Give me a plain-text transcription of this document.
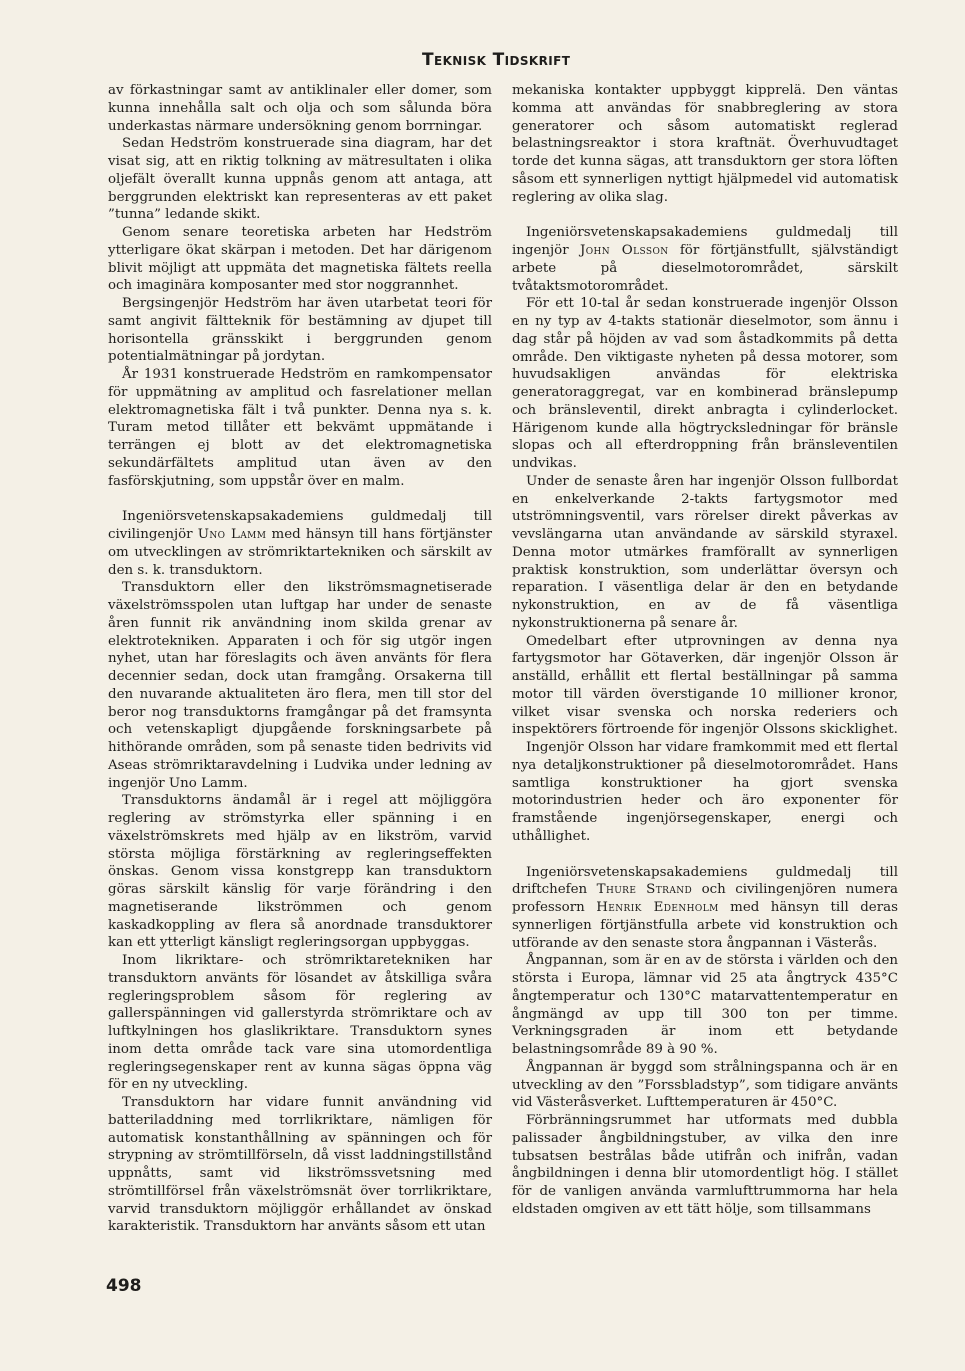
Teknisk Tidskrift

av förkastningar samt av antiklinaler eller domer, som kunna innehålla salt och olja och som sålunda böra underkastas närmare undersökning genom borrningar.

Sedan Hedström konstruerade sina diagram, har det visat sig, att en riktig tolkning av mätresultaten i olika oljefält överallt kunna uppnås genom att antaga, att berggrunden elektriskt kan representeras av ett paket ”tunna” ledande skikt.

Genom senare teoretiska arbeten har Hedström ytterligare ökat skärpan i metoden. Det har därigenom blivit möjligt att uppmäta det magnetiska fältets reella och imaginära komposanter med stor noggrannhet.

Bergsingenjör Hedström har även utarbetat teori för samt angivit fältteknik för bestämning av djupet till horisontella gränsskikt i berggrunden genom potentialmätningar på jordytan.

År 1931 konstruerade Hedström en ramkompensator för uppmätning av amplitud och fasrelationer mellan elektromagnetiska fält i två punkter. Denna nya s. k. Turam metod tillåter ett bekvämt uppmätande i terrängen ej blott av det elektromagnetiska sekundärfältets amplitud utan även av den fasförskjutning, som uppstår över en malm.

Ingeniörsvetenskapsakademiens guldmedalj till civilingenjör Uno Lamm med hänsyn till hans förtjänster om utvecklingen av strömriktartekniken och särskilt av den s. k. transduktorn.

Transduktorn eller den likströmsmagnetiserade växelströmsspolen utan luftgap har under de senaste åren funnit rik användning inom skilda grenar av elektrotekniken. Apparaten i och för sig utgör ingen nyhet, utan har föreslagits och även använts för flera decennier sedan, dock utan framgång. Orsakerna till den nuvarande aktualiteten äro flera, men till stor del beror nog transduktorns framgångar på det framsynta och vetenskapligt djupgående forskningsarbete på hithörande områden, som på senaste tiden bedrivits vid Aseas strömriktaravdelning i Ludvika under ledning av ingenjör Uno Lamm.

Transduktorns ändamål är i regel att möjliggöra reglering av strömstyrka eller spänning i en växelströmskrets med hjälp av en likström, varvid största möjliga förstärkning av regleringseffekten önskas. Genom vissa konstgrepp kan transduktorn göras särskilt känslig för varje förändring i den magnetiserande likströmmen och genom kaskadkoppling av flera så anordnade transduktorer kan ett ytterligt känsligt regleringsorgan uppbyggas.

Inom likriktare- och strömriktaretekniken har transduktorn använts för lösandet av åtskilliga svåra regleringsproblem såsom för reglering av gallerspänningen vid gallerstyrda strömriktare och av luftkylningen hos glaslikriktare. Transduktorn synes inom detta område tack vare sina utomordentliga regleringsegenskaper rent av kunna sägas öppna väg för en ny utveckling.

Transduktorn har vidare funnit användning vid batteriladdning med torrlikriktare, nämligen för automatisk konstanthållning av spänningen och för strypning av strömtillförseln, då visst laddningstillstånd uppnåtts, samt vid likströmssvetsning med strömtillförsel från växelströmsnät över torrlikriktare, varvid transduktorn möjliggör erhållandet av önskad karakteristik. Transduktorn har använts såsom ett utan

mekaniska kontakter uppbyggt kipprelä. Den väntas komma att användas för snabbreglering av stora generatorer och såsom automatiskt reglerad belastningsreaktor i stora kraftnät. Överhuvudtaget torde det kunna sägas, att transduktorn ger stora löften såsom ett synnerligen nyttigt hjälpmedel vid automatisk reglering av olika slag.

Ingeniörsvetenskapsakademiens guldmedalj till ingenjör John Olsson för förtjänstfullt, självständigt arbete på dieselmotorområdet, särskilt tvåtaktsmotorområdet.

För ett 10-tal år sedan konstruerade ingenjör Olsson en ny typ av 4-takts stationär dieselmotor, som ännu i dag står på höjden av vad som åstadkommits på detta område. Den viktigaste nyheten på dessa motorer, som huvudsakligen användas för elektriska generatoraggregat, var en kombinerad bränslepump och bränsleventil, direkt anbragta i cylinderlocket. Härigenom kunde alla högtrycksledningar för bränsle slopas och all efterdroppning från bränsleventilen undvikas.

Under de senaste åren har ingenjör Olsson fullbordat en enkelverkande 2-takts fartygsmotor med utströmningsventil, vars rörelser direkt påverkas av vevslängarna utan användande av särskild styraxel. Denna motor utmärkes framförallt av synnerligen praktisk konstruktion, som underlättar översyn och reparation. I väsentliga delar är den en betydande nykonstruktion, en av de få väsentliga nykonstruktionerna på senare år.

Omedelbart efter utprovningen av denna nya fartygsmotor har Götaverken, där ingenjör Olsson är anställd, erhållit ett flertal beställningar på samma motor till värden överstigande 10 millioner kronor, vilket visar svenska och norska rederiers och inspektörers förtroende för ingenjör Olssons skicklighet.

Ingenjör Olsson har vidare framkommit med ett flertal nya detaljkonstruktioner på dieselmotorområdet. Hans samtliga konstruktioner ha gjort svenska motorindustrien heder och äro exponenter för framstående ingenjörsegenskaper, energi och uthållighet.

Ingeniörsvetenskapsakademiens guldmedalj till driftchefen Thure Strand och civilingenjören numera professorn Henrik Edenholm med hänsyn till deras synnerligen förtjänstfulla arbete vid konstruktion och utförande av den senaste stora ångpannan i Västerås.

Ångpannan, som är en av de största i världen och den största i Europa, lämnar vid 25 ata ångtryck 435°C ångtemperatur och 130°C matarvattentemperatur en ångmängd av upp till 300 ton per timme. Verkningsgraden är inom ett betydande belastningsområde 89 à 90 %.

Ångpannan är byggd som strålningspanna och är en utveckling av den ”Forssbladstyp”, som tidigare använts vid Västeråsverket. Lufttemperaturen är 450°C.

Förbränningsrummet har utformats med dubbla palissader ångbildningstuber, av vilka den inre tubsatsen bestrålas både utifrån och inifrån, vadan ångbildningen i denna blir utomordentligt hög. I stället för de vanligen använda varmlufttrummorna har hela eldstaden omgiven av ett tätt hölje, som tillsammans

498
